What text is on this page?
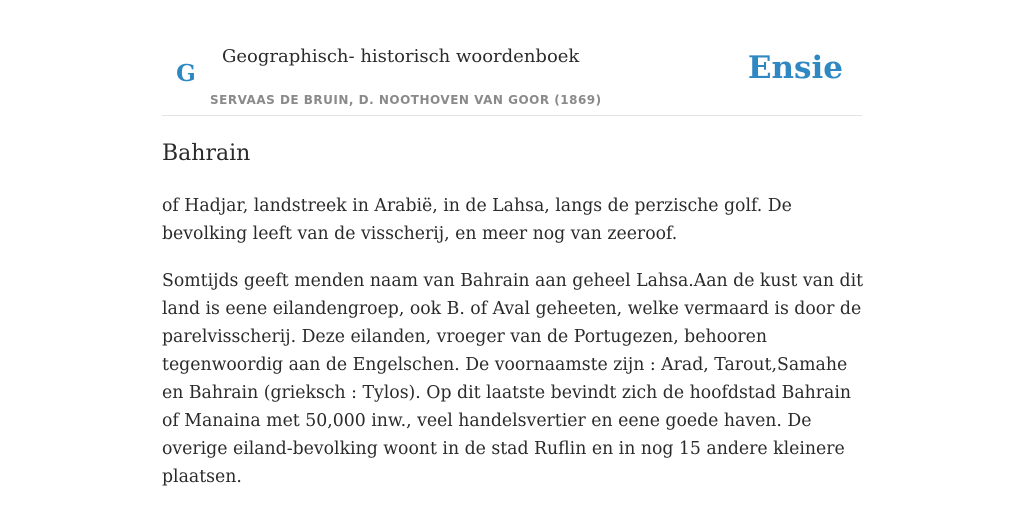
G
Geographisch- historisch woordenboek
SERVAAS DE BRUIN, D. NOOTHOVEN VAN GOOR (1869)
Ensie
Bahrain

of Hadjar, landstreek in Arabië, in de Lahsa, langs de perzische golf. De bevolking leeft van de visscherij, en meer nog van zeeroof.

Somtijds geeft menden naam van Bahrain aan geheel Lahsa.Aan de kust van dit land is eene eilandengroep, ook B. of Aval geheeten, welke vermaard is door de parelvisscherij. Deze eilanden, vroeger van de Portugezen, behooren tegenwoordig aan de Engelschen. De voornaamste zijn : Arad, Tarout,Samahe en Bahrain (grieksch : Tylos). Op dit laatste bevindt zich de hoofdstad Bahrain of Manaina met 50,000 inw., veel handelsvertier en eene goede haven. De overige eiland-bevolking woont in de stad Ruflin en in nog 15 andere kleinere plaatsen.
